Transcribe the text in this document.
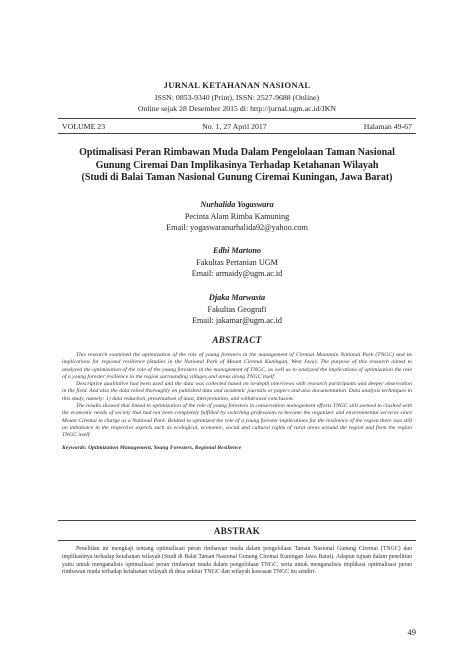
JURNAL KETAHANAN NASIONAL
ISSN: 0853-9340 (Print), ISSN: 2527-9688 (Online)
Online sejak 28 Desember 2015 di: http://jurnal.ugm.ac.id/JKN
VOLUME 23	No. 1, 27 April 2017	Halaman 49-67
Optimalisasi Peran Rimbawan Muda Dalam Pengelolaan Taman Nasional
Gunung Ciremai Dan Implikasinya Terhadap Ketahanan Wilayah
(Studi di Balai Taman Nasional Gunung Ciremai Kuningan, Jawa Barat)
Nurhalida Yogaswara
Pecinta Alam Rimba Kamuning
Email: yogaswaranurhalida92@yahoo.com
Edhi Martono
Fakultas Pertanian UGM
Email: armaidy@ugm.ac.id
Djaka Marwasta
Fakultas Geografi
Email: jakamar@ugm.ac.id
ABSTRACT

This research examined the optimization of the role of young foresters in the management of Ciremai Mountain National Park (TNGC) and its implications for regional resilience (Studies in the National Park of Mount Ciremai Kuningan, West Java). The purpose of this research aimed to analyzed the optimization of the role of the young foresters in the management of TNGC, as well as to analyzed the implications of optimization the role of a young forester resilience in the region surrounding villages and areas along TNGC itself.

Descriptive qualitative had been used and the data was collected based on in-depth interviews with research participants and deeper observation in the field. And also the data relied thoroughly on published data and academic journals or papers and also documentation. Data analysis techniques in this study, namely: 1) data reduction, presentation of data, interpretation, and withdrawal conclusion.

The results showed that linked to optimization of the role of young foresters in conservation management efforts TNGC still seemed to clashed with the economic needs of society that had not been completely fulfilled by switching professions to became the organizer and environmental services since Mount Ciremai in charge as a National Park. Related to optimized the role of a young forester implications for the resilience of the region there was still an imbalance in the respective aspects such as ecological, economic, social and cultural rights of rural areas around the region and from the region TNGC itself.

Keywords: Optimization Management, Young Foresters, Regional Resilience

ABSTRAK

Penelitian ini mengkaji tentang optimalisasi peran rimbawan muda dalam pengelolaan Taman Nasional Gunung Ciremai (TNGC) dan implikasinya terhadap ketahanan wilayah (Studi di Balai Taman Nasional Gunung Ciremai Kuningan Jawa Barat). Adapun tujuan dalam penelitian yaitu untuk menganalisis optimalisasi peran rimbawan muda dalam pengelolaan TNGC, serta untuk menganalisis implikasi optimalisasi peran rimbawan muda terhadap ketahanan wilayah di desa sekitar TNGC dan wilayah kawasan TNGC itu sendiri.

49
